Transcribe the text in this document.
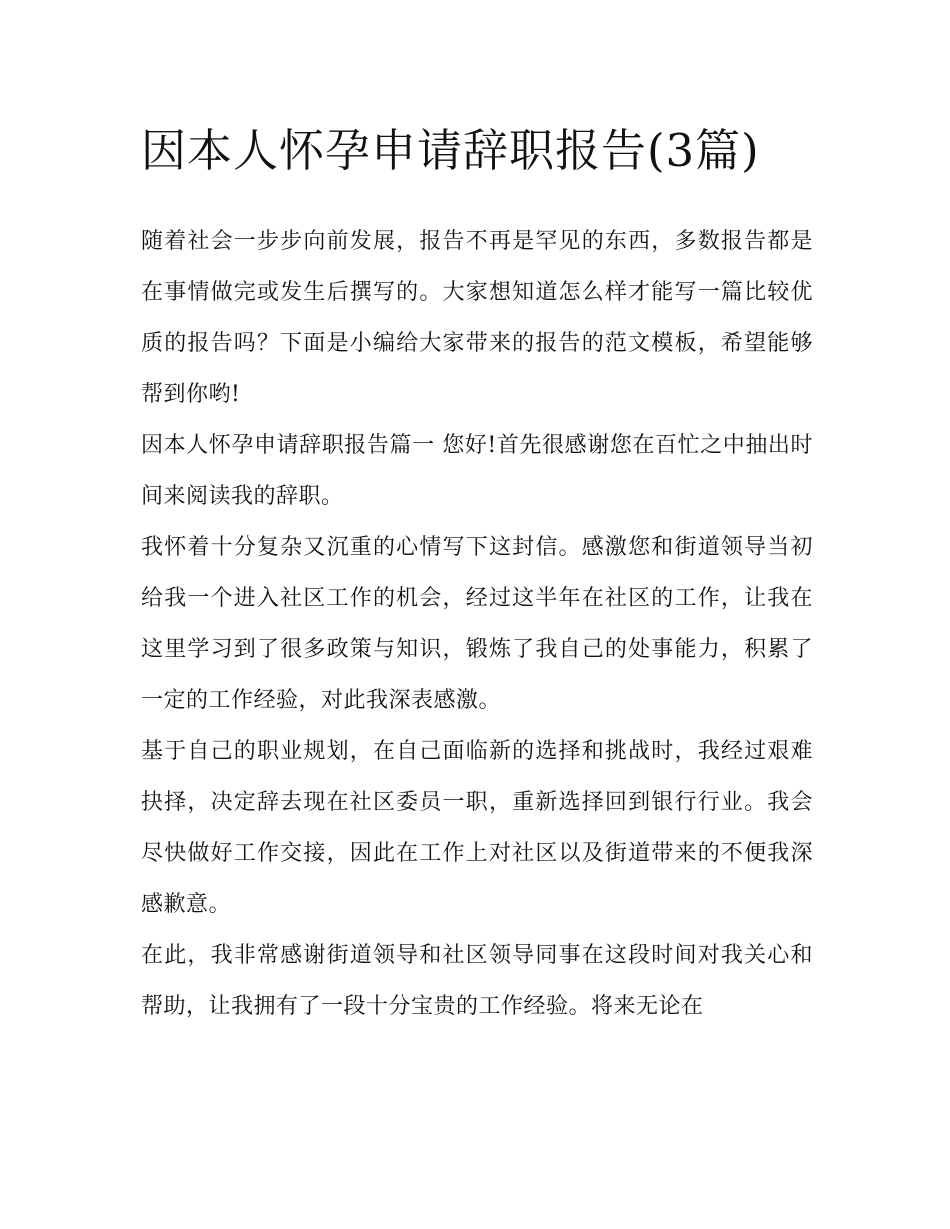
因本人怀孕申请辞职报告(3篇)

随着社会一步步向前发展，报告不再是罕见的东西，多数报告都是在事情做完或发生后撰写的。大家想知道怎么样才能写一篇比较优质的报告吗？下面是小编给大家带来的报告的范文模板，希望能够帮到你哟!

因本人怀孕申请辞职报告篇一 您好!首先很感谢您在百忙之中抽出时间来阅读我的辞职。

我怀着十分复杂又沉重的心情写下这封信。感激您和街道领导当初给我一个进入社区工作的机会，经过这半年在社区的工作，让我在这里学习到了很多政策与知识，锻炼了我自己的处事能力，积累了一定的工作经验，对此我深表感激。

基于自己的职业规划，在自己面临新的选择和挑战时，我经过艰难抉择，决定辞去现在社区委员一职，重新选择回到银行行业。我会尽快做好工作交接，因此在工作上对社区以及街道带来的不便我深感歉意。

在此，我非常感谢街道领导和社区领导同事在这段时间对我关心和帮助，让我拥有了一段十分宝贵的工作经验。将来无论在
